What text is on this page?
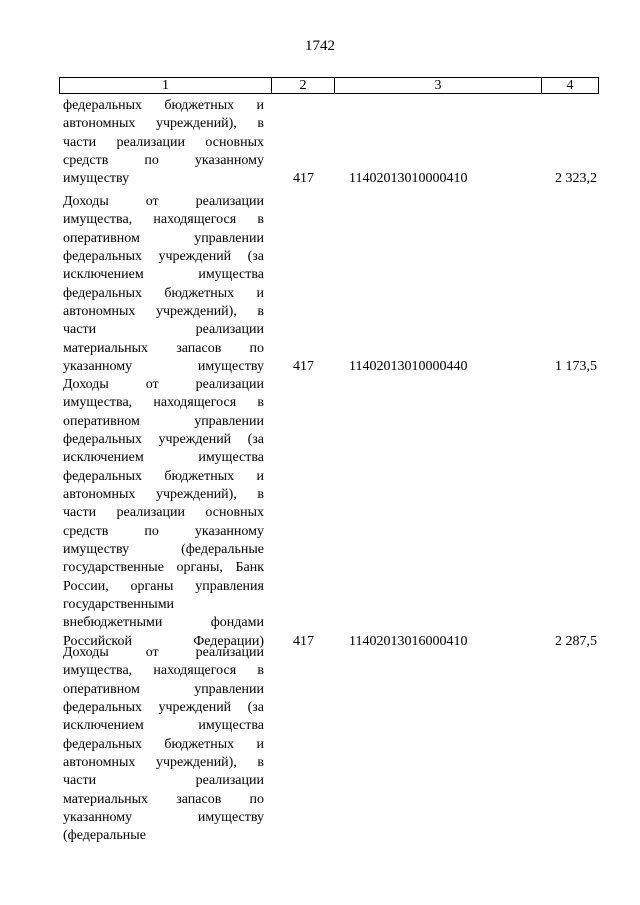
1742
1	2	3	4
федеральных бюджетных и
автономных учреждений), в
части реализации основных
средств	по	указанному
имуществу	417	11402013010000410	2 323,2
Доходы	от	реализации
имущества, находящегося в
оперативном	управлении
федеральных учреждений (за
исключением	имущества
федеральных бюджетных и
автономных учреждений), в
части	реализации
материальных запасов по
указанному имуществу 417	11402013010000440	1 173,5
Доходы	от	реализации
имущества, находящегося в
оперативном	управлении
федеральных учреждений (за
исключением	имущества
федеральных бюджетных и
автономных учреждений), в
части реализации основных
средств	по	указанному
имуществу	(федеральные
государственные органы, Банк
России, органы управления
государственными
внебюджетными	фондами
Российской Федерации) 417	11402013016000410	2 287,5
Доходы	от	реализации
имущества, находящегося в
оперативном	управлении
федеральных учреждений (за
исключением	имущества
федеральных бюджетных и
автономных учреждений), в
части	реализации
материальных запасов по
указанному	имуществу
(федеральные
